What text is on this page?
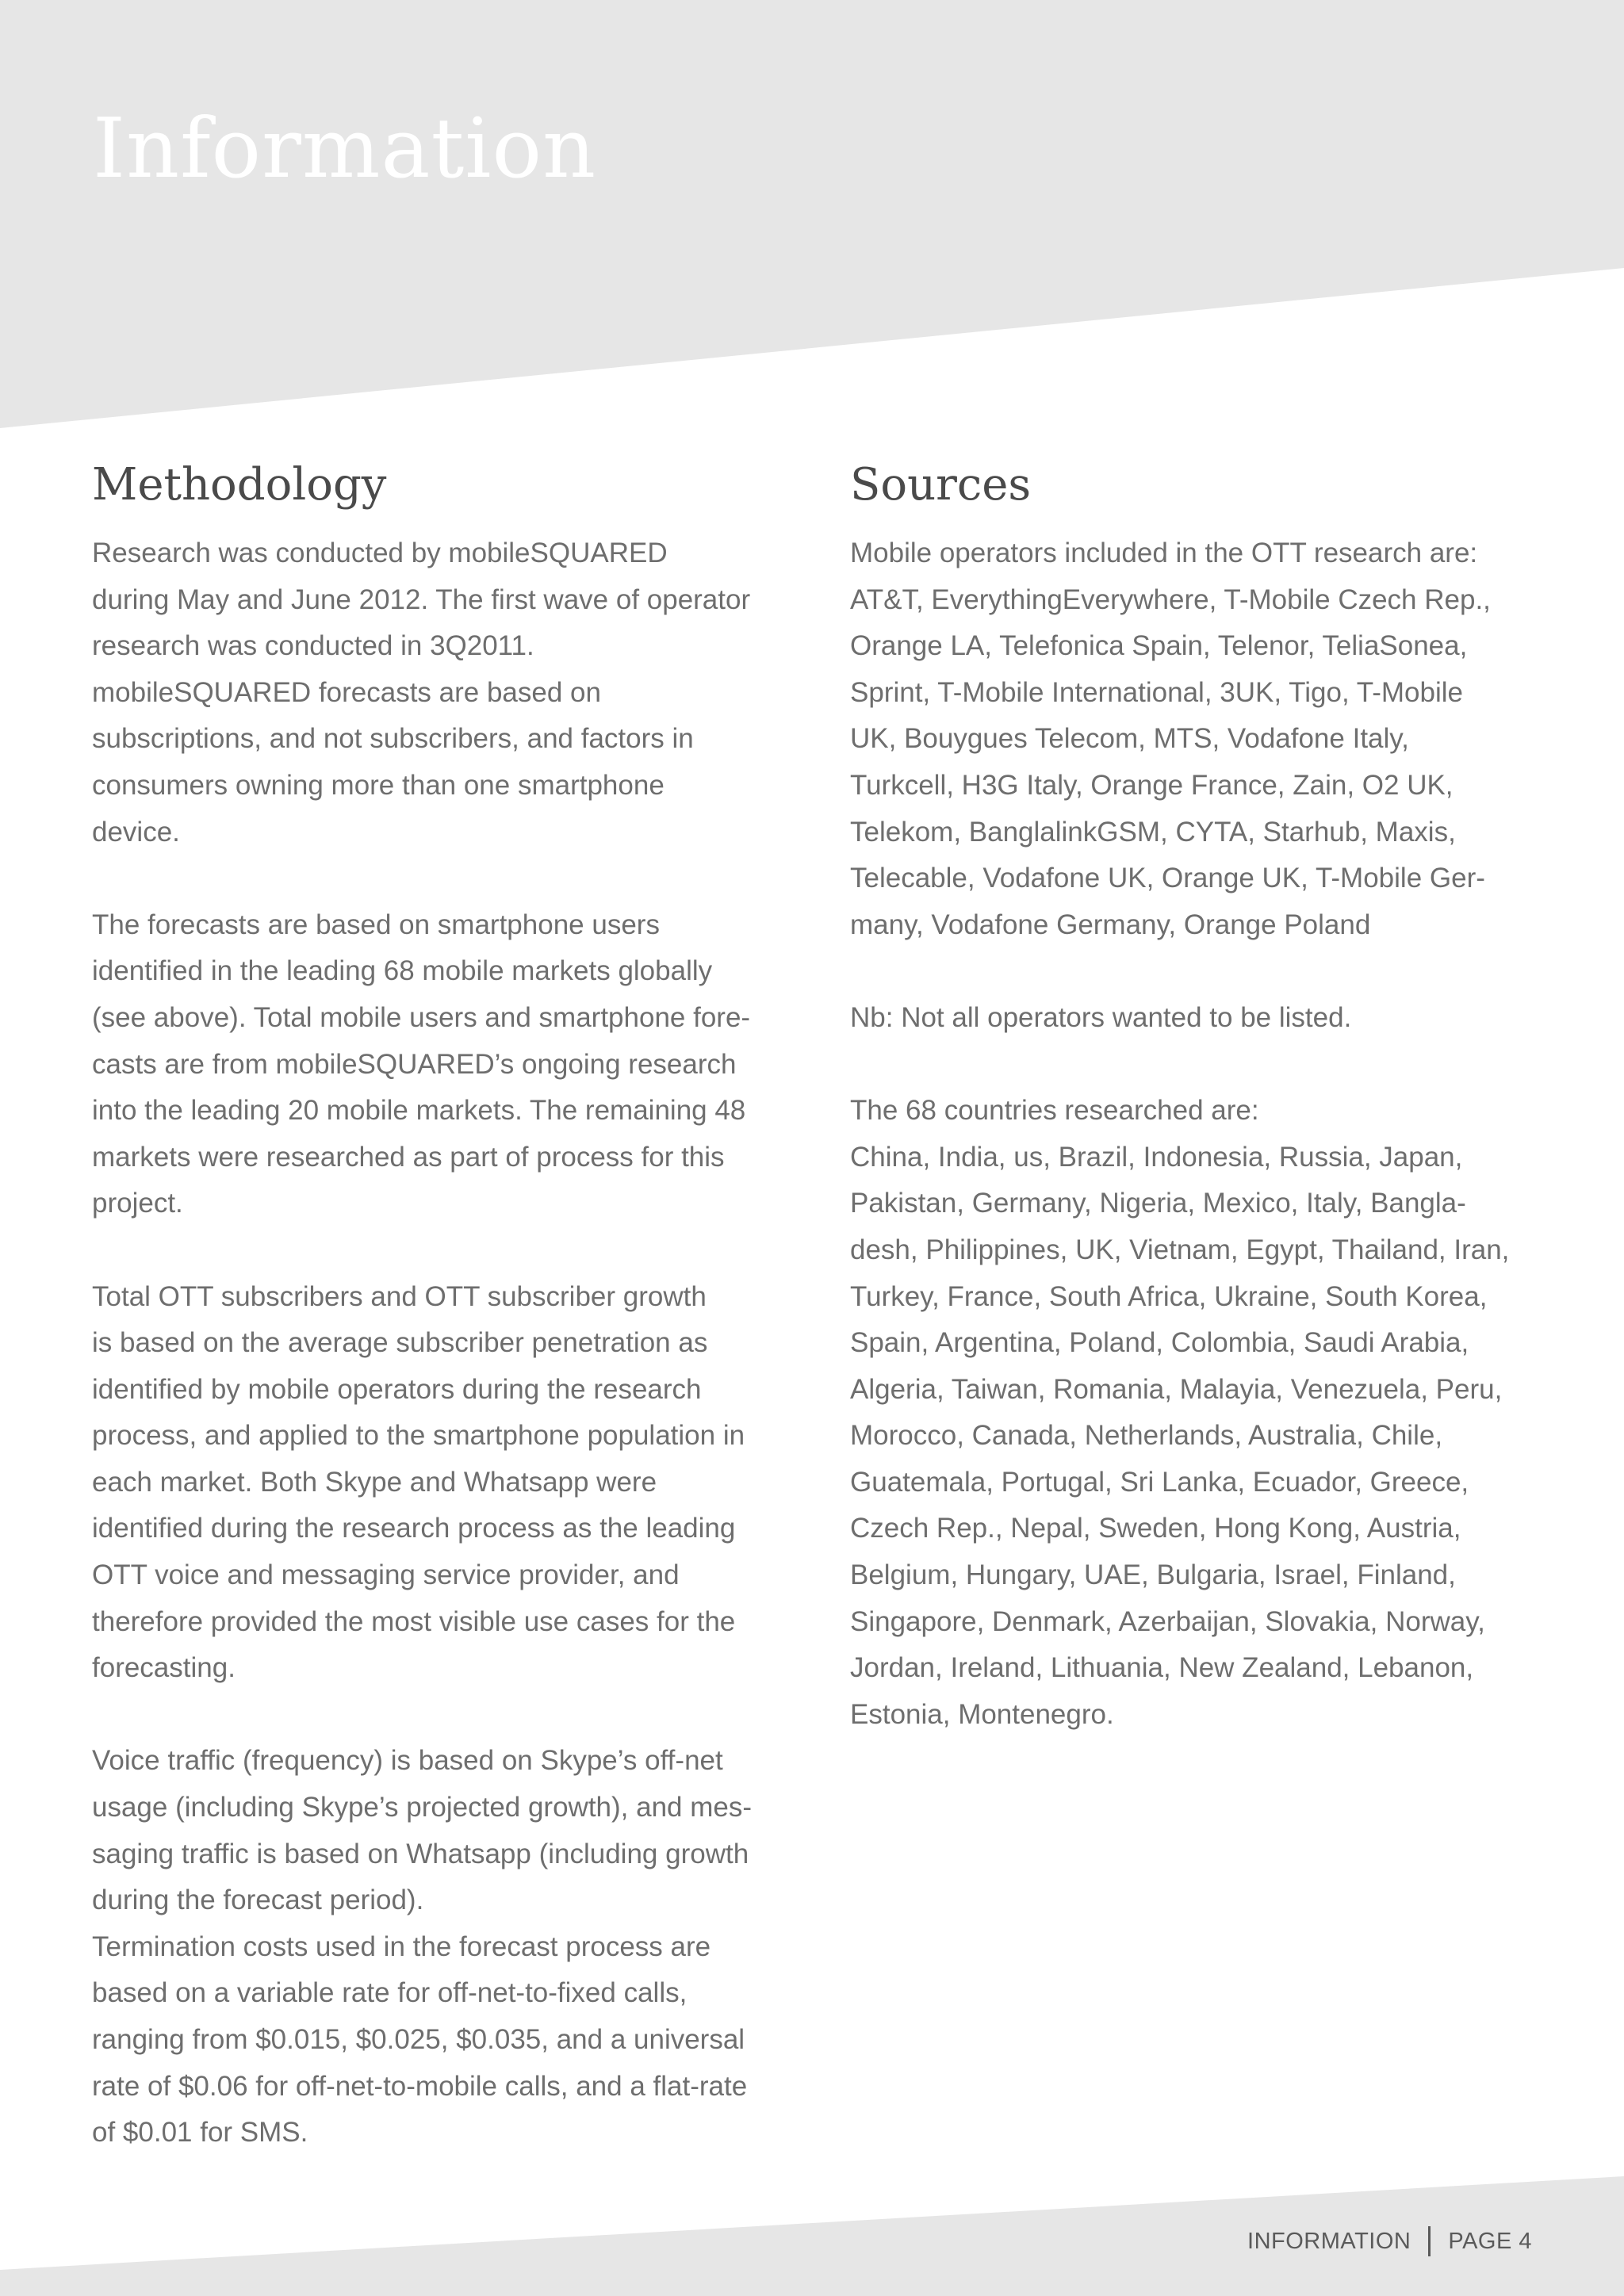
Information
Methodology

Research was conducted by mobileSQUARED
during May and June 2012. The first wave of operator
research was conducted in 3Q2011.
mobileSQUARED forecasts are based on
subscriptions, and not subscribers, and factors in
consumers owning more than one smartphone
device.

The forecasts are based on smartphone users
identified in the leading 68 mobile markets globally
(see above). Total mobile users and smartphone fore-
casts are from mobileSQUARED’s ongoing research
into the leading 20 mobile markets. The remaining 48
markets were researched as part of process for this
project.

Total OTT subscribers and OTT subscriber growth
is based on the average subscriber penetration as
identified by mobile operators during the research
process, and applied to the smartphone population in
each market. Both Skype and Whatsapp were
identified during the research process as the leading
OTT voice and messaging service provider, and
therefore provided the most visible use cases for the
forecasting.

Voice traffic (frequency) is based on Skype’s off-net
usage (including Skype’s projected growth), and mes-
saging traffic is based on Whatsapp (including growth
during the forecast period).

Termination costs used in the forecast process are
based on a variable rate for off-net-to-fixed calls,
ranging from $0.015, $0.025, $0.035, and a universal
rate of $0.06 for off-net-to-mobile calls, and a flat-rate
of $0.01 for SMS.

Sources

Mobile operators included in the OTT research are:
AT&T, EverythingEverywhere, T-Mobile Czech Rep.,
Orange LA, Telefonica Spain, Telenor, TeliaSonea,
Sprint, T-Mobile International, 3UK, Tigo, T-Mobile
UK, Bouygues Telecom, MTS, Vodafone Italy,
Turkcell, H3G Italy, Orange France, Zain, O2 UK,
Telekom, BanglalinkGSM, CYTA, Starhub, Maxis,
Telecable, Vodafone UK, Orange UK, T-Mobile Ger-
many, Vodafone Germany, Orange Poland

Nb: Not all operators wanted to be listed.

The 68 countries researched are:
China, India, us, Brazil, Indonesia, Russia, Japan,
Pakistan, Germany, Nigeria, Mexico, Italy, Bangla-
desh, Philippines, UK, Vietnam, Egypt, Thailand, Iran,
Turkey, France, South Africa, Ukraine, South Korea,
Spain, Argentina, Poland, Colombia, Saudi Arabia,
Algeria, Taiwan, Romania, Malayia, Venezuela, Peru,
Morocco, Canada, Netherlands, Australia, Chile,
Guatemala, Portugal, Sri Lanka, Ecuador, Greece,
Czech Rep., Nepal, Sweden, Hong Kong, Austria,
Belgium, Hungary, UAE, Bulgaria, Israel, Finland,
Singapore, Denmark, Azerbaijan, Slovakia, Norway,
Jordan, Ireland, Lithuania, New Zealand, Lebanon,
Estonia, Montenegro.

INFORMATION PAGE 4
